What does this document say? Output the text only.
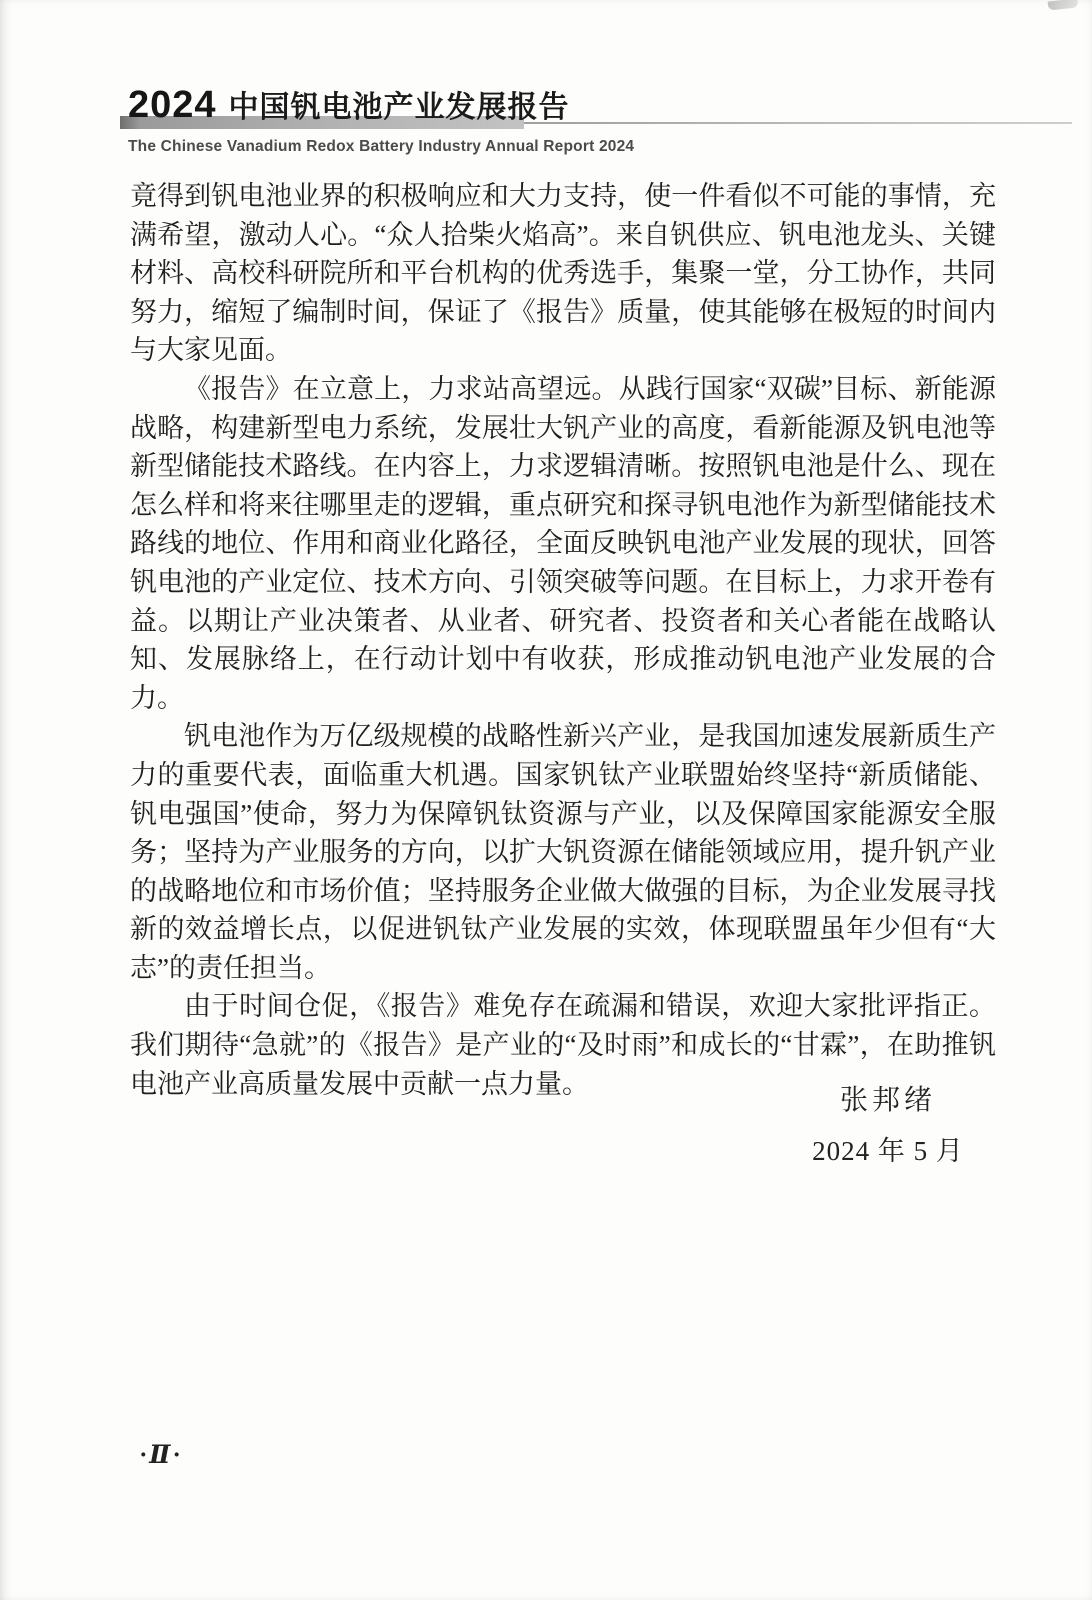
2024 中国钒电池产业发展报告
The Chinese Vanadium Redox Battery Industry Annual Report 2024

竟得到钒电池业界的积极响应和大力支持，使一件看似不可能的事情，充满希望，激动人心。“众人拾柴火焰高”。来自钒供应、钒电池龙头、关键材料、高校科研院所和平台机构的优秀选手，集聚一堂，分工协作，共同努力，缩短了编制时间，保证了《报告》质量，使其能够在极短的时间内与大家见面。

《报告》在立意上，力求站高望远。从践行国家“双碳”目标、新能源战略，构建新型电力系统，发展壮大钒产业的高度，看新能源及钒电池等新型储能技术路线。在内容上，力求逻辑清晰。按照钒电池是什么、现在怎么样和将来往哪里走的逻辑，重点研究和探寻钒电池作为新型储能技术路线的地位、作用和商业化路径，全面反映钒电池产业发展的现状，回答钒电池的产业定位、技术方向、引领突破等问题。在目标上，力求开卷有益。以期让产业决策者、从业者、研究者、投资者和关心者能在战略认知、发展脉络上，在行动计划中有收获，形成推动钒电池产业发展的合力。

钒电池作为万亿级规模的战略性新兴产业，是我国加速发展新质生产力的重要代表，面临重大机遇。国家钒钛产业联盟始终坚持“新质储能、钒电强国”使命，努力为保障钒钛资源与产业，以及保障国家能源安全服务；坚持为产业服务的方向，以扩大钒资源在储能领域应用，提升钒产业的战略地位和市场价值；坚持服务企业做大做强的目标，为企业发展寻找新的效益增长点，以促进钒钛产业发展的实效，体现联盟虽年少但有“大志”的责任担当。

由于时间仓促，《报告》难免存在疏漏和错误，欢迎大家批评指正。我们期待“急就”的《报告》是产业的“及时雨”和成长的“甘霖”，在助推钒电池产业高质量发展中贡献一点力量。

张邦绪
2024 年 5 月
·Ⅱ·
